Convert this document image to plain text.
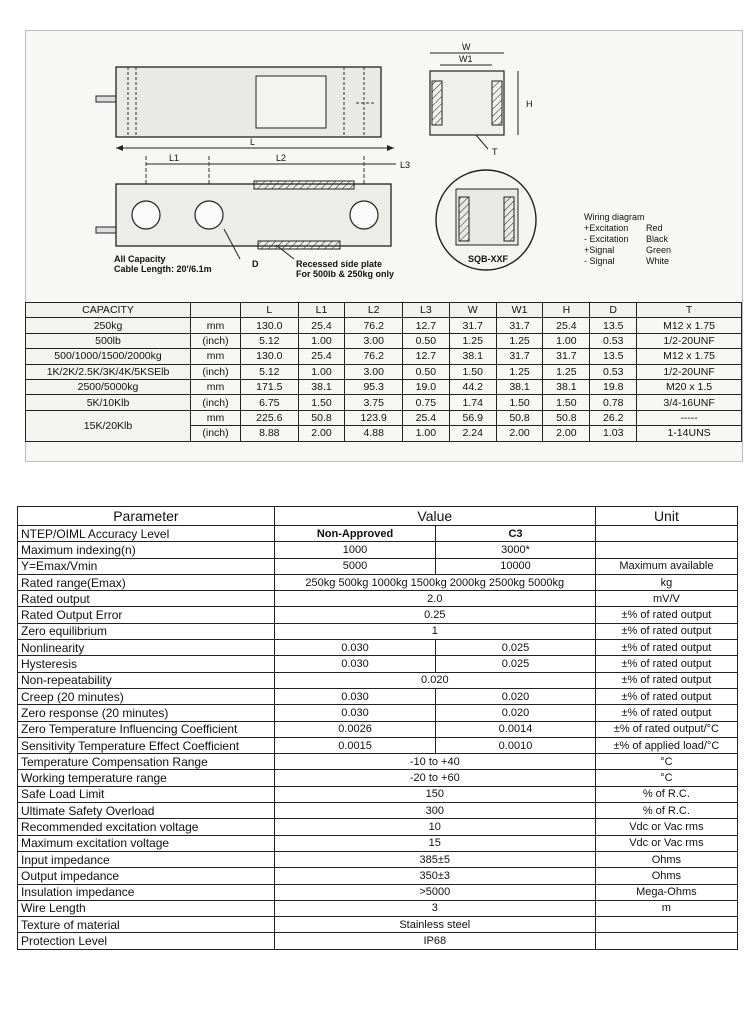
L
L1	L2
L3
D
All Capacity
Cable Length: 20'/6.1m	Recessed side plate
For 500lb & 250kg only
W
W1
H
T
SQB-XXF
Wiring diagram
+Excitation Red
- Excitation Black
+Signal	Green
- Signal	White
CAPACITY		L	L1	L2	L3	W	W1	H	D	T
250kg	mm	130.0	25.4	76.2	12.7	31.7	31.7	25.4	13.5	M12 x 1.75
500lb	(inch)	5.12	1.00	3.00	0.50	1.25	1.25	1.00	0.53	1/2-20UNF
500/1000/1500/2000kg	mm	130.0	25.4	76.2	12.7	38.1	31.7	31.7	13.5	M12 x 1.75
1K/2K/2.5K/3K/4K/5KSElb	(inch)	5.12	1.00	3.00	0.50	1.50	1.25	1.25	0.53	1/2-20UNF
2500/5000kg	mm	171.5	38.1	95.3	19.0	44.2	38.1	38.1	19.8	M20 x 1.5
5K/10Klb	(inch)	6.75	1.50	3.75	0.75	1.74	1.50	1.50	0.78	3/4-16UNF
15K/20Klb	mm	225.6	50.8	123.9	25.4	56.9	50.8	50.8	26.2	-----
	(inch)	8.88	2.00	4.88	1.00	2.24	2.00	2.00	1.03	1-14UNS
Parameter	Value		Unit
NTEP/OIML Accuracy Level	Non-Approved	C3	
Maximum indexing(n)	1000	3000*	
Y=Emax/Vmin	5000	10000	Maximum available
Rated range(Emax)	250kg 500kg 1000kg 1500kg 2000kg 2500kg 5000kg		kg
Rated output	2.0		mV/V
Rated Output Error	0.25		±% of rated output
Zero equilibrium	1		±% of rated output
Nonlinearity	0.030	0.025	±% of rated output
Hysteresis	0.030	0.025	±% of rated output
Non-repeatability	0.020		±% of rated output
Creep (20 minutes)	0.030	0.020	±% of rated output
Zero response (20 minutes)	0.030	0.020	±% of rated output
Zero Temperature Influencing Coefficient	0.0026	0.0014	±% of rated output/°C
Sensitivity Temperature Effect Coefficient	0.0015	0.0010	±% of applied load/°C
Temperature Compensation Range	-10 to +40		°C
Working temperature range	-20 to +60		°C
Safe Load Limit	150		% of R.C.
Ultimate Safety Overload	300		% of R.C.
Recommended excitation voltage	10		Vdc or Vac rms
Maximum excitation voltage	15		Vdc or Vac rms
Input impedance	385±5		Ohms
Output impedance	350±3		Ohms
Insulation impedance	>5000		Mega-Ohms
Wire Length	3		m
Texture of material	Stainless steel		
Protection Level	IP68		
